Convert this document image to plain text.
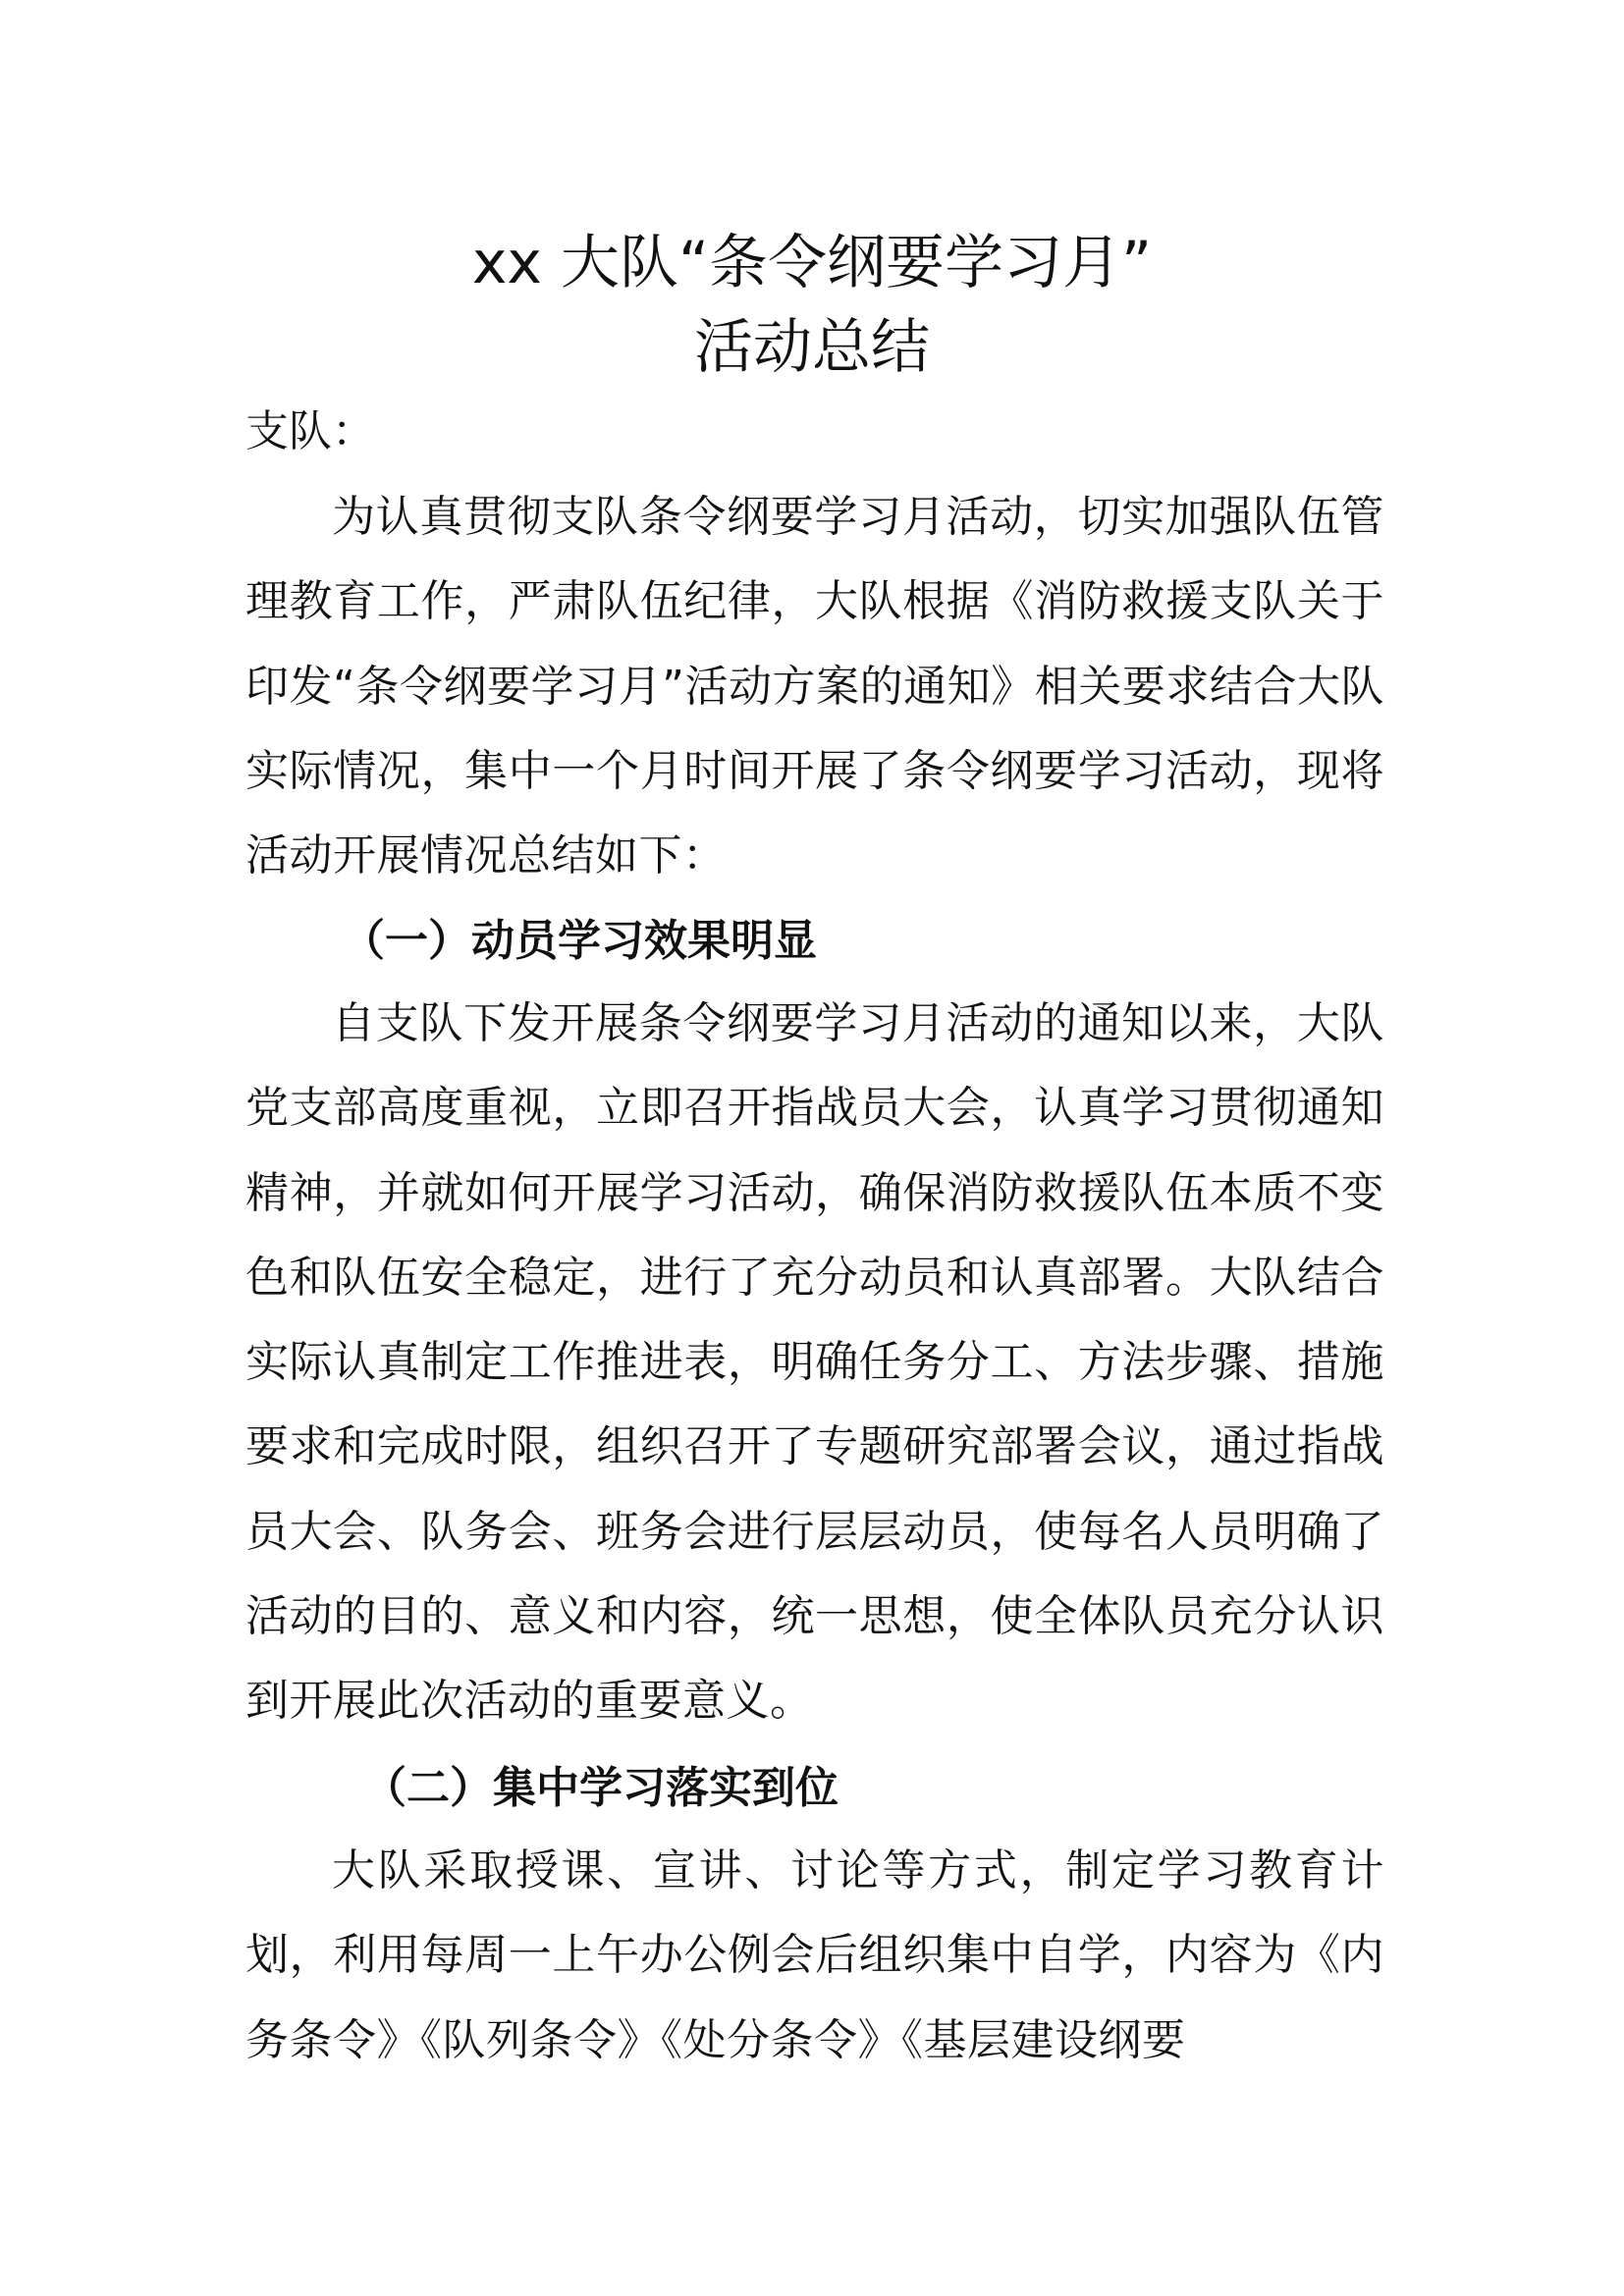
xx 大队“条令纲要学习月”
活动总结
支队：
为认真贯彻支队条令纲要学习月活动，切实加强队伍管理教育工作，严肃队伍纪律，大队根据《消防救援支队关于印发“条令纲要学习月”活动方案的通知》相关要求结合大队实际情况，集中一个月时间开展了条令纲要学习活动，现将活动开展情况总结如下：
（一）动员学习效果明显
自支队下发开展条令纲要学习月活动的通知以来，大队党支部高度重视，立即召开指战员大会，认真学习贯彻通知精神，并就如何开展学习活动，确保消防救援队伍本质不变色和队伍安全稳定，进行了充分动员和认真部署。大队结合实际认真制定工作推进表，明确任务分工、方法步骤、措施要求和完成时限，组织召开了专题研究部署会议，通过指战员大会、队务会、班务会进行层层动员，使每名人员明确了活动的目的、意义和内容，统一思想，使全体队员充分认识到开展此次活动的重要意义。
（二）集中学习落实到位
大队采取授课、宣讲、讨论等方式，制定学习教育计划，利用每周一上午办公例会后组织集中自学，内容为《内务条令》《队列条令》《处分条令》《基层建设纲要
